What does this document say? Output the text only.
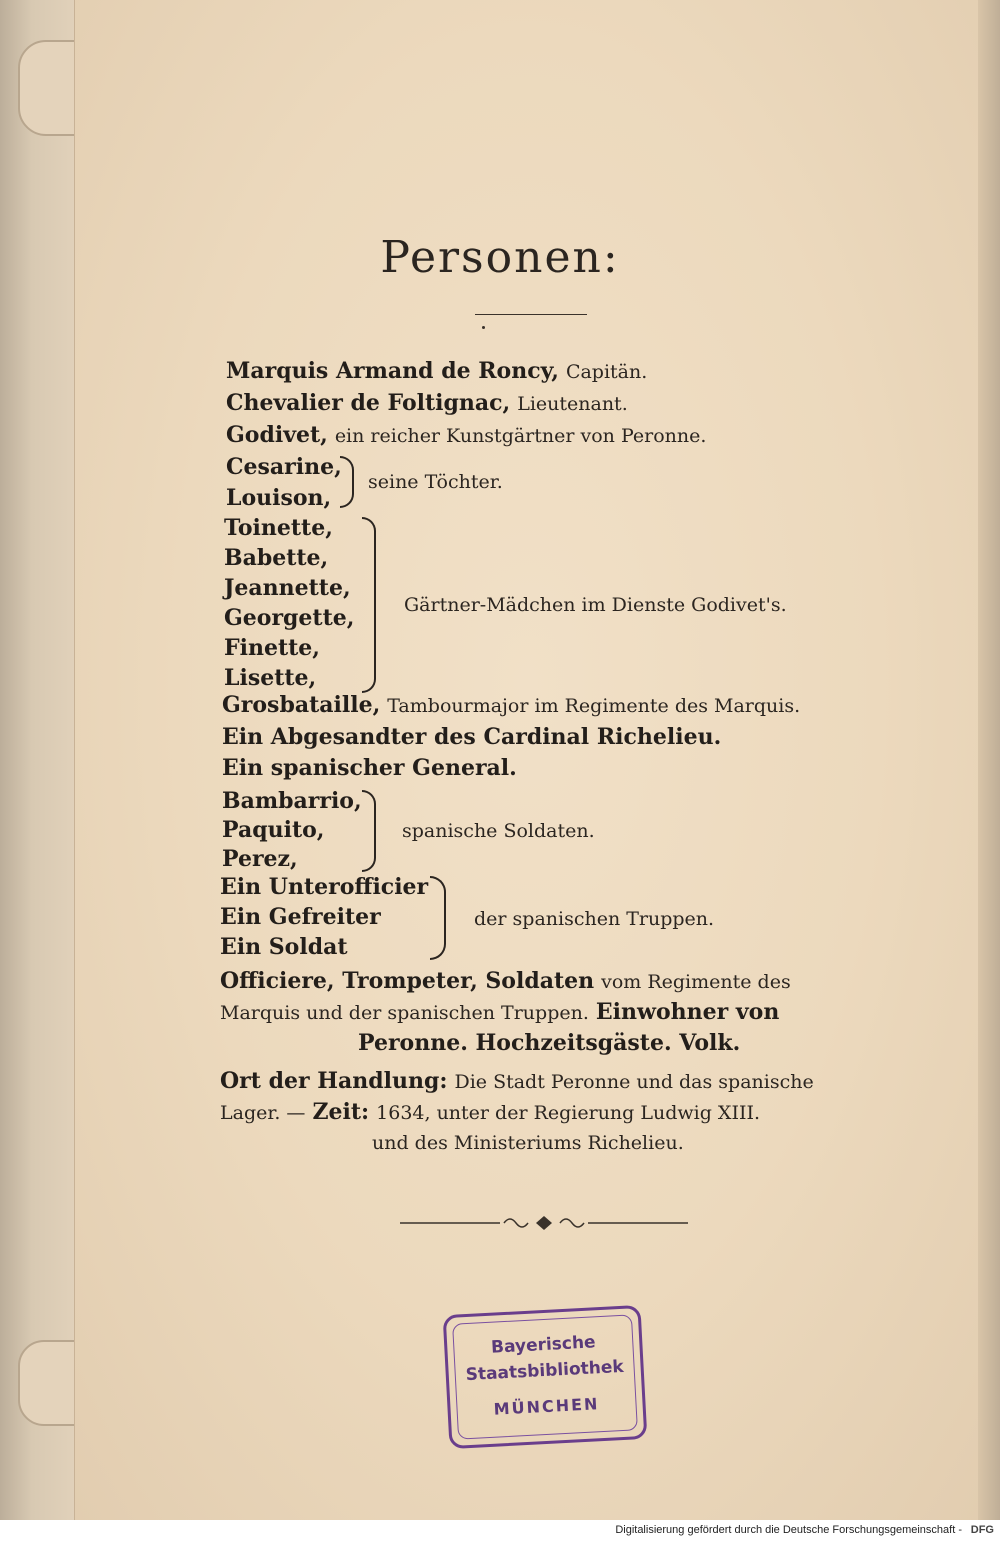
Personen:
Marquis Armand de Roncy, Capitän.
Chevalier de Foltignac, Lieutenant.
Godivet, ein reicher Kunstgärtner von Peronne.
Cesarine,
Louison,
seine Töchter.
Toinette,
Babette,
Jeannette,
Georgette,
Finette,
Lisette,
Gärtner-Mädchen im Dienste Godivet's.
Grosbataille, Tambourmajor im Regimente des Marquis.
Ein Abgesandter des Cardinal Richelieu.
Ein spanischer General.
Bambarrio,
Paquito,
Perez,
spanische Soldaten.
Ein Unterofficier
Ein Gefreiter
Ein Soldat
der spanischen Truppen.
Officiere, Trompeter, Soldaten vom Regimente des
Marquis und der spanischen Truppen. Einwohner von
Peronne. Hochzeitsgäste. Volk.
Ort der Handlung: Die Stadt Peronne und das spanische
Lager. — Zeit: 1634, unter der Regierung Ludwig XIII.
und des Ministeriums Richelieu.
Bayerische
Staatsbibliothek
MÜNCHEN
Digitalisierung gefördert durch die Deutsche Forschungsgemeinschaft - DFG
